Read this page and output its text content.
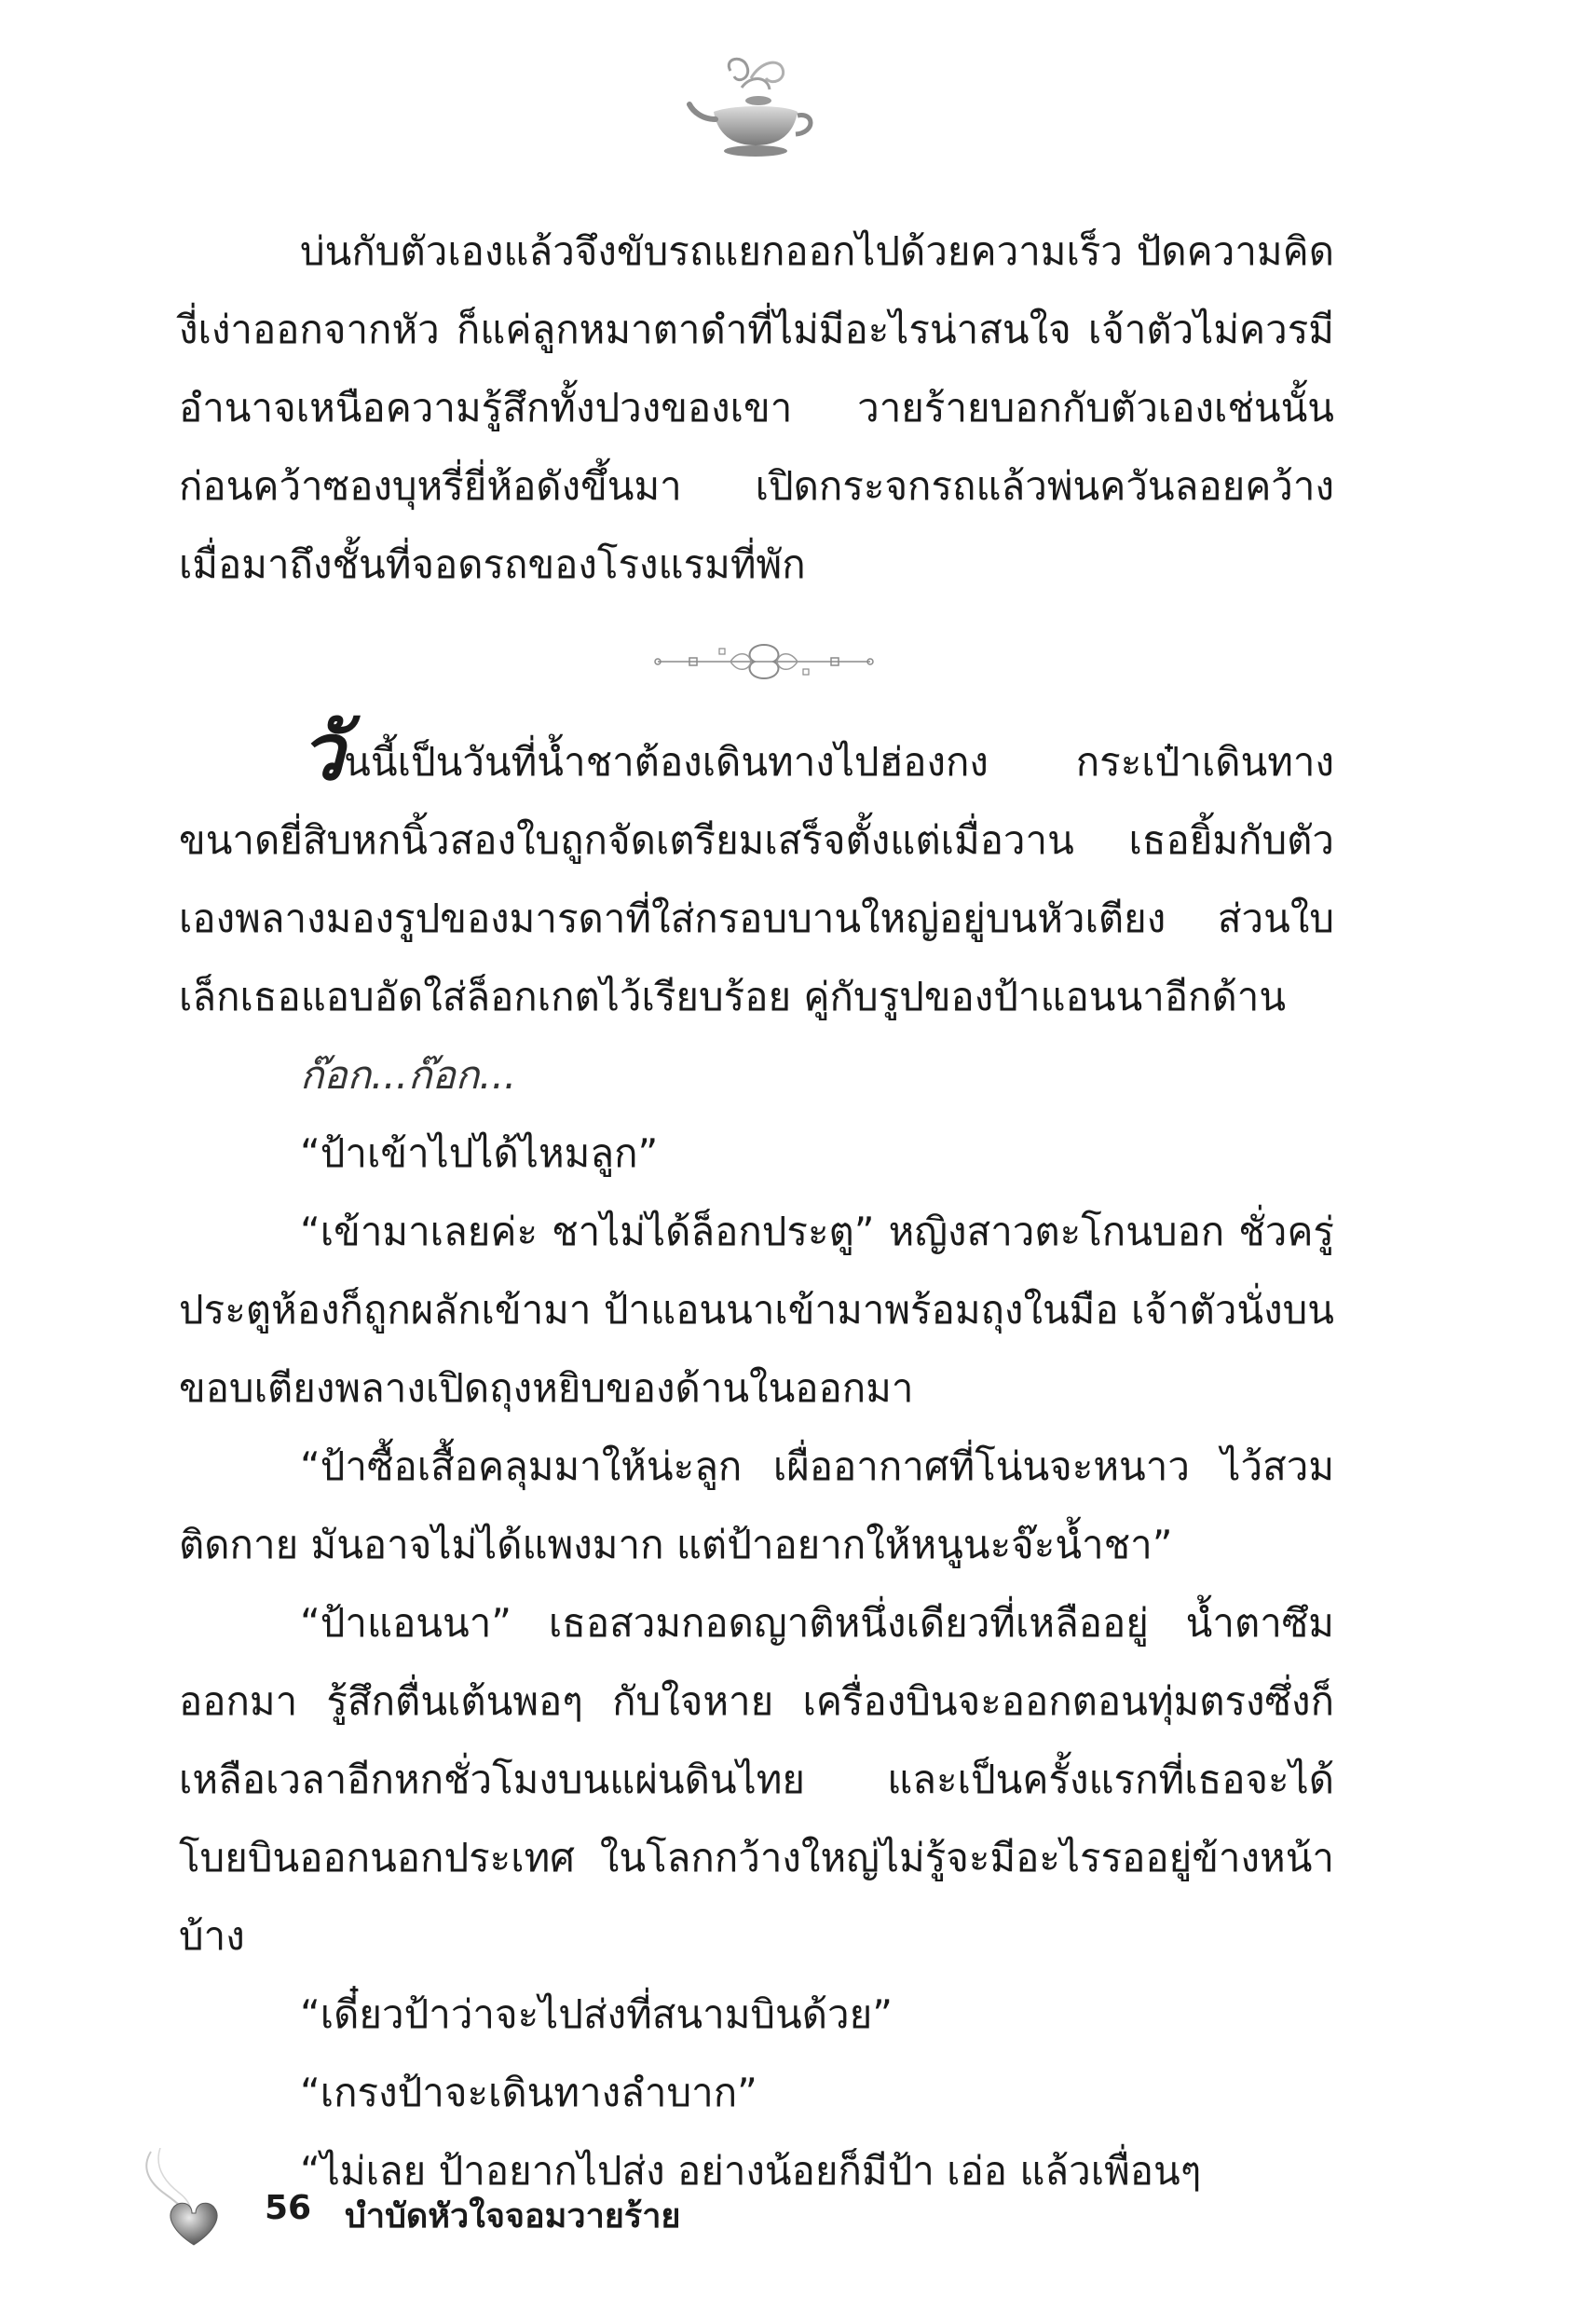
บ่นกับตัวเองแล้วจึงขับรถแยกออกไปด้วยความเร็ว ปัดความคิดงี่เง่าออกจากหัว ก็แค่ลูกหมาตาดำที่ไม่มีอะไรน่าสนใจ เจ้าตัวไม่ควรมีอำนาจเหนือความรู้สึกทั้งปวงของเขา วายร้ายบอกกับตัวเองเช่นนั้นก่อนคว้าซองบุหรี่ยี่ห้อดังขึ้นมา เปิดกระจกรถแล้วพ่นควันลอยคว้างเมื่อมาถึงชั้นที่จอดรถของโรงแรมที่พัก

วันนี้เป็นวันที่น้ำชาต้องเดินทางไปฮ่องกง กระเป๋าเดินทางขนาดยี่สิบหกนิ้วสองใบถูกจัดเตรียมเสร็จตั้งแต่เมื่อวาน เธอยิ้มกับตัวเองพลางมองรูปของมารดาที่ใส่กรอบบานใหญ่อยู่บนหัวเตียง ส่วนใบเล็กเธอแอบอัดใส่ล็อกเกตไว้เรียบร้อย คู่กับรูปของป้าแอนนาอีกด้าน

ก๊อก...ก๊อก...

“ป้าเข้าไปได้ไหมลูก”

“เข้ามาเลยค่ะ ชาไม่ได้ล็อกประตู” หญิงสาวตะโกนบอก ชั่วครู่ประตูห้องก็ถูกผลักเข้ามา ป้าแอนนาเข้ามาพร้อมถุงในมือ เจ้าตัวนั่งบนขอบเตียงพลางเปิดถุงหยิบของด้านในออกมา

“ป้าซื้อเสื้อคลุมมาให้น่ะลูก เผื่ออากาศที่โน่นจะหนาว ไว้สวมติดกาย มันอาจไม่ได้แพงมาก แต่ป้าอยากให้หนูนะจ๊ะน้ำชา”

“ป้าแอนนา” เธอสวมกอดญาติหนึ่งเดียวที่เหลืออยู่ น้ำตาซึมออกมา รู้สึกตื่นเต้นพอๆ กับใจหาย เครื่องบินจะออกตอนทุ่มตรงซึ่งก็เหลือเวลาอีกหกชั่วโมงบนแผ่นดินไทย และเป็นครั้งแรกที่เธอจะได้โบยบินออกนอกประเทศ ในโลกกว้างใหญ่ไม่รู้จะมีอะไรรออยู่ข้างหน้าบ้าง

“เดี๋ยวป้าว่าจะไปส่งที่สนามบินด้วย”

“เกรงป้าจะเดินทางลำบาก”

“ไม่เลย ป้าอยากไปส่ง อย่างน้อยก็มีป้า เอ่อ แล้วเพื่อนๆ

56 บำบัดหัวใจจอมวายร้าย
